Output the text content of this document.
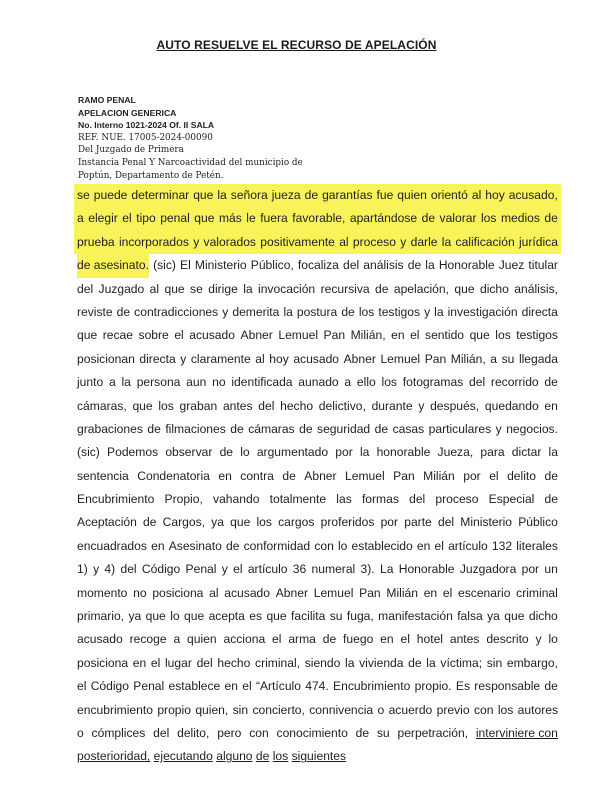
AUTO RESUELVE EL RECURSO DE APELACIÓN
RAMO PENAL
APELACION GENERICA
No. Interno 1021-2024 Of. II SALA
REF. NUE. 17005-2024-00090
Del Juzgado de Primera
Instancia Penal Y Narcoactividad del municipio de
Poptún, Departamento de Petén.
se puede determinar que la señora jueza de garantías fue quien orientó al hoy acusado,
a elegir el tipo penal que más le fuera favorable, apartándose de valorar los medios de
prueba incorporados y valorados positivamente al proceso y darle la calificación jurídica
de asesinato. (sic) El Ministerio Público, focaliza del análisis de la Honorable Juez titular
del Juzgado al que se dirige la invocación recursiva de apelación, que dicho análisis,
reviste de contradicciones y demerita la postura de los testigos y la investigación directa
que recae sobre el acusado Abner Lemuel Pan Milián, en el sentido que los testigos
posicionan directa y claramente al hoy acusado Abner Lemuel Pan Milián, a su llegada
junto a la persona aun no identificada aunado a ello los fotogramas del recorrido de
cámaras, que los graban antes del hecho delictivo, durante y después, quedando en
grabaciones de filmaciones de cámaras de seguridad de casas particulares y negocios.
(sic) Podemos observar de lo argumentado por la honorable Jueza, para dictar la
sentencia Condenatoria en contra de Abner Lemuel Pan Milián por el delito de
Encubrimiento Propio, vahando totalmente las formas del proceso Especial de
Aceptación de Cargos, ya que los cargos proferidos por parte del Ministerio Público
encuadrados en Asesinato de conformidad con lo establecido en el artículo 132 literales
1) y 4) del Código Penal y el artículo 36 numeral 3). La Honorable Juzgadora por un
momento no posiciona al acusado Abner Lemuel Pan Milián en el escenario criminal
primario, ya que lo que acepta es que facilita su fuga, manifestación falsa ya que dicho
acusado recoge a quien acciona el arma de fuego en el hotel antes descrito y lo
posiciona en el lugar del hecho criminal, siendo la vivienda de la víctima; sin embargo,
el Código Penal establece en el “Artículo 474. Encubrimiento propio. Es responsable de
encubrimiento propio quien, sin concierto, connivencia o acuerdo previo con los autores
o cómplices del delito, pero con conocimiento de su perpetración, interviniere con
posterioridad, ejecutando alguno de los siguientes
